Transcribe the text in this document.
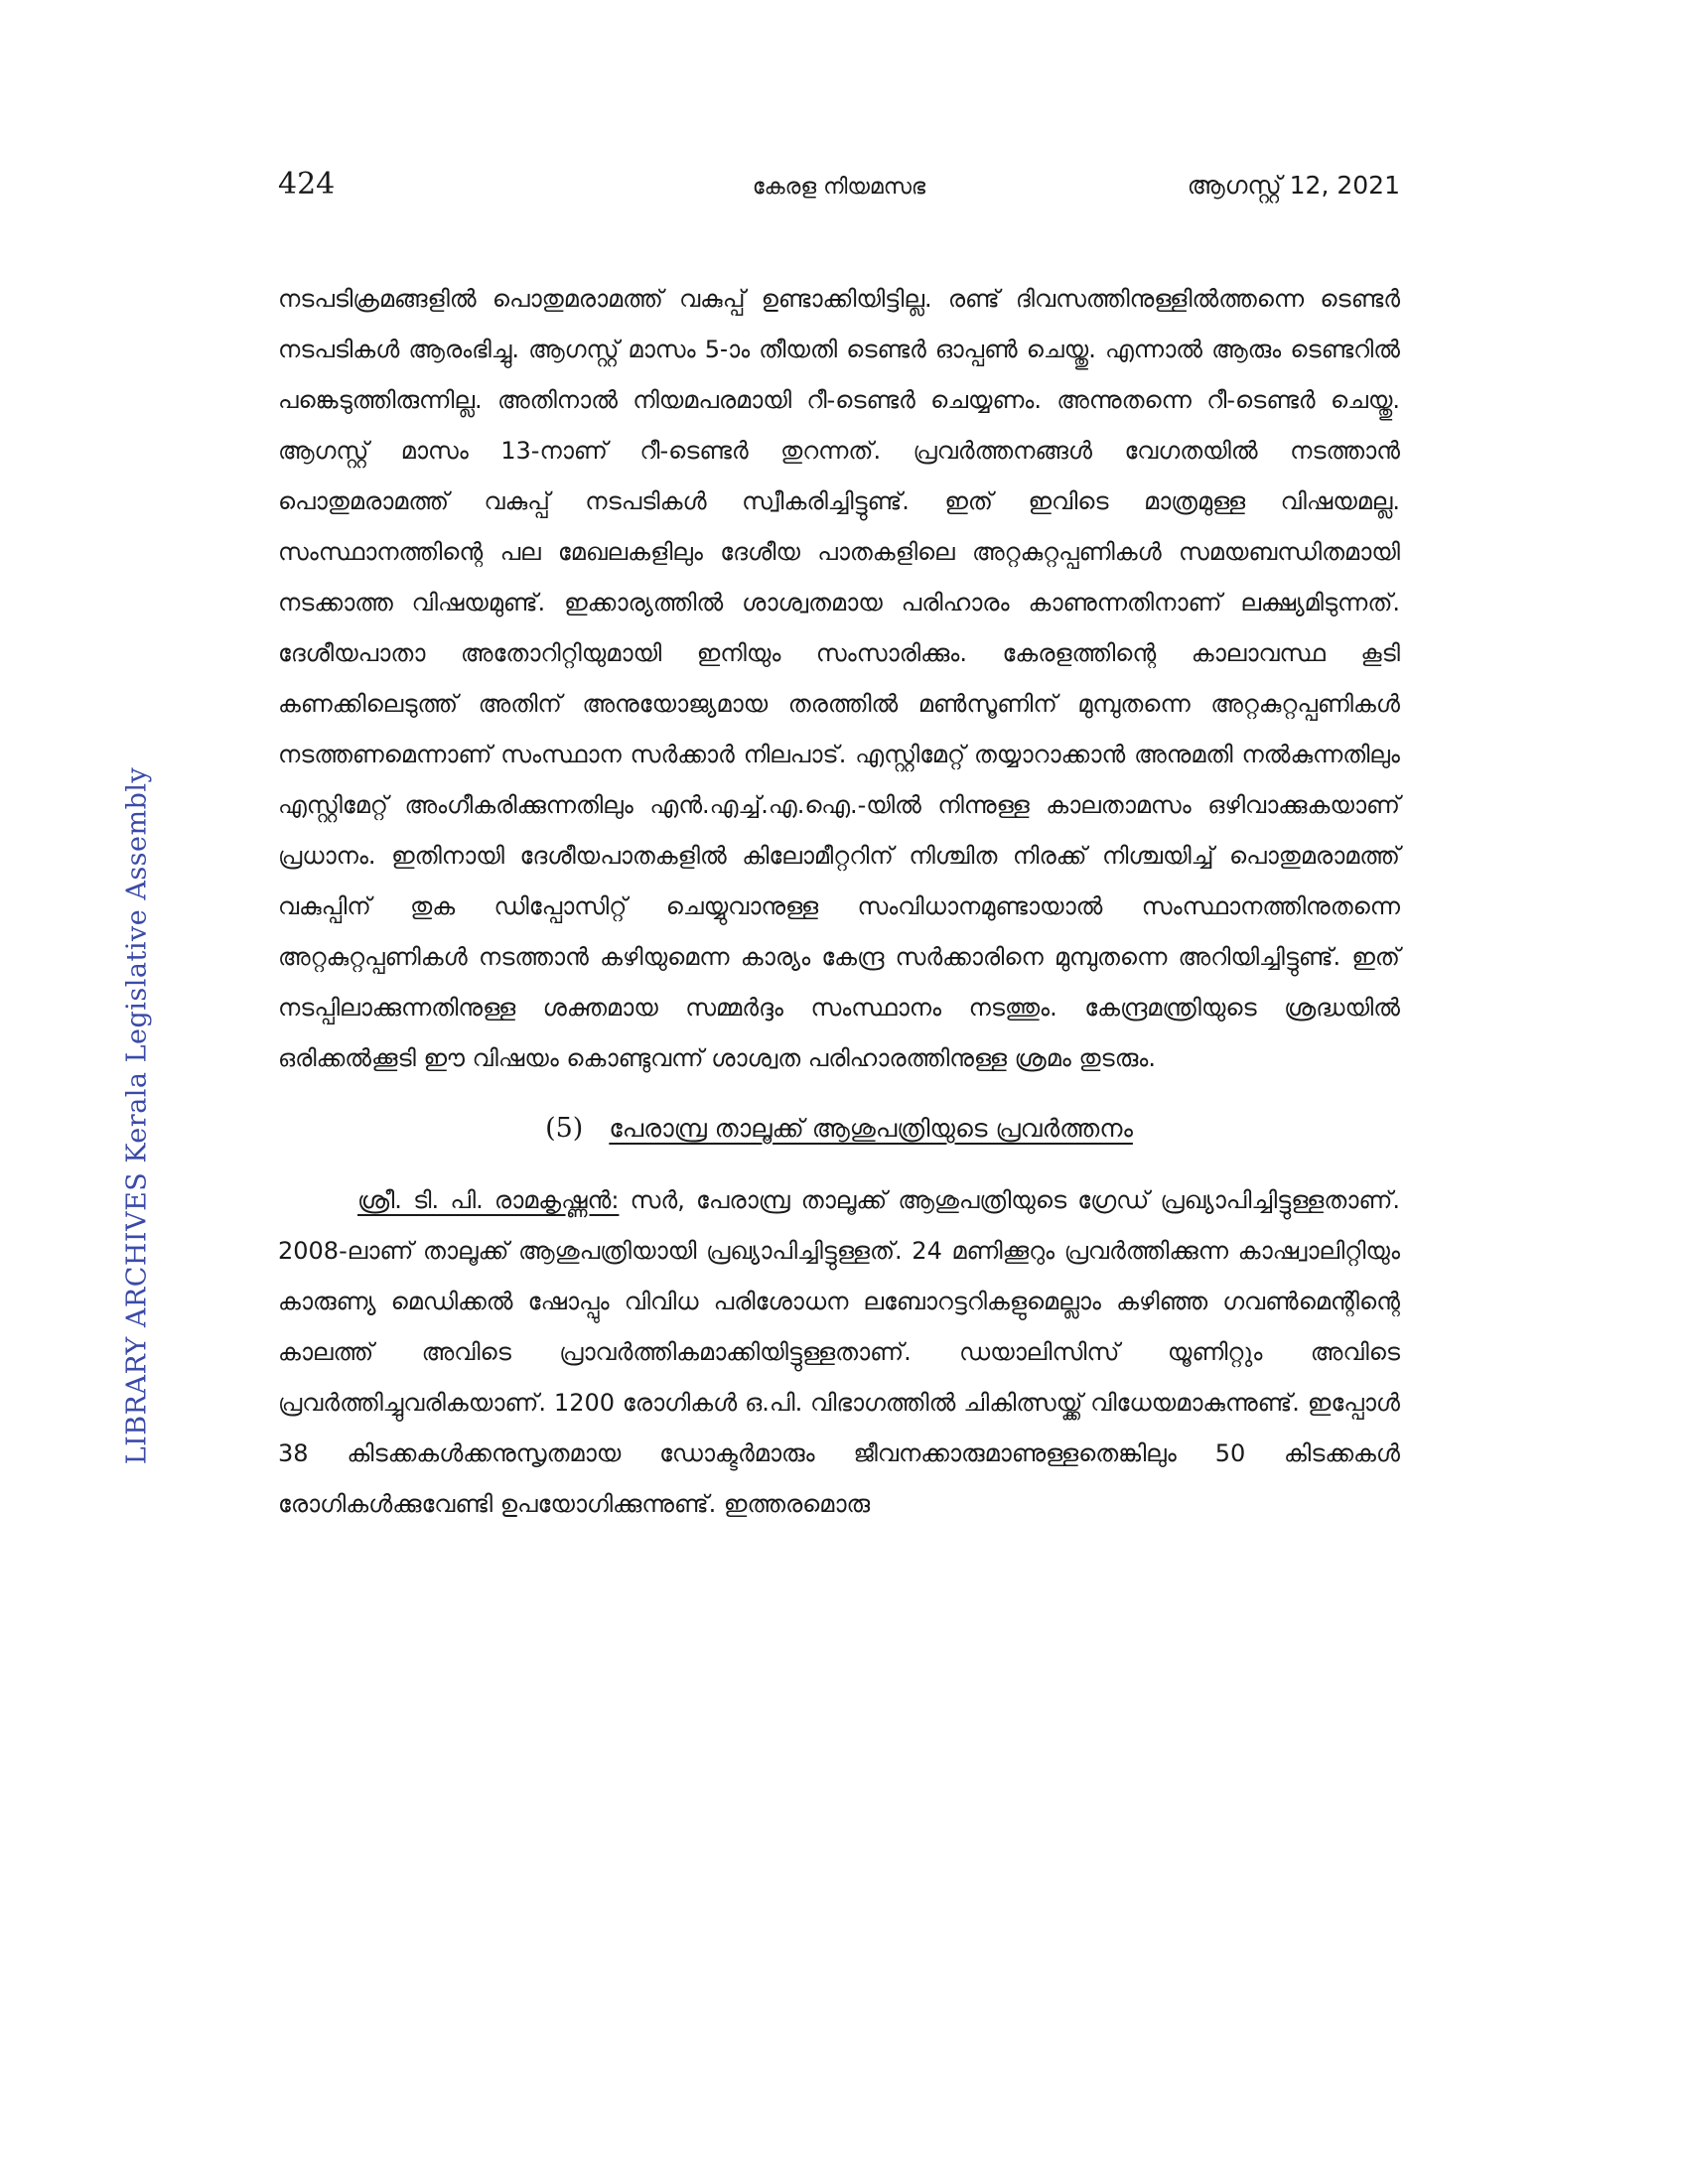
424	കേരള നിയമസഭ	ആഗസ്റ്റ് 12, 2021
LIBRARY ARCHIVES Kerala Legislative Assembly

നടപടിക്രമങ്ങളിൽ പൊതുമരാമത്ത് വകുപ്പ് ഉണ്ടാക്കിയിട്ടില്ല. രണ്ട് ദിവസത്തിനുള്ളിൽത്തന്നെ ടെണ്ടർ നടപടികൾ ആരംഭിച്ചു. ആഗസ്റ്റ് മാസം 5-ാം തീയതി ടെണ്ടർ ഓപ്പൺ ചെയ്തു. എന്നാൽ ആരും ടെണ്ടറിൽ പങ്കെടുത്തിരുന്നില്ല. അതിനാൽ നിയമപരമായി റീ-ടെണ്ടർ ചെയ്യണം. അന്നുതന്നെ റീ-ടെണ്ടർ ചെയ്തു. ആഗസ്റ്റ് മാസം 13-നാണ് റീ-ടെണ്ടർ തുറന്നത്. പ്രവർത്തനങ്ങൾ വേഗതയിൽ നടത്താൻ പൊതുമരാമത്ത് വകുപ്പ് നടപടികൾ സ്വീകരിച്ചിട്ടുണ്ട്. ഇത് ഇവിടെ മാത്രമുള്ള വിഷയമല്ല. സംസ്ഥാനത്തിന്റെ പല മേഖലകളിലും ദേശീയ പാതകളിലെ അറ്റകുറ്റപ്പണികൾ സമയബന്ധിതമായി നടക്കാത്ത വിഷയമുണ്ട്. ഇക്കാര്യത്തിൽ ശാശ്വതമായ പരിഹാരം കാണുന്നതിനാണ് ലക്ഷ്യമിടുന്നത്. ദേശീയപാതാ അതോറിറ്റിയുമായി ഇനിയും സംസാരിക്കും. കേരളത്തിന്റെ കാലാവസ്ഥ കൂടി കണക്കിലെടുത്ത് അതിന് അനുയോജ്യമായ തരത്തിൽ മൺസൂണിന് മുമ്പുതന്നെ അറ്റകുറ്റപ്പണികൾ നടത്തണമെന്നാണ് സംസ്ഥാന സർക്കാർ നിലപാട്. എസ്റ്റിമേറ്റ് തയ്യാറാക്കാൻ അനുമതി നൽകുന്നതിലും എസ്റ്റിമേറ്റ് അംഗീകരിക്കുന്നതിലും എൻ.എച്ച്.എ.ഐ.-യിൽ നിന്നുള്ള കാലതാമസം ഒഴിവാക്കുകയാണ് പ്രധാനം. ഇതിനായി ദേശീയപാതകളിൽ കിലോമീറ്ററിന് നിശ്ചിത നിരക്ക് നിശ്ചയിച്ച് പൊതുമരാമത്ത് വകുപ്പിന് തുക ഡിപ്പോസിറ്റ് ചെയ്യുവാനുള്ള സംവിധാനമുണ്ടായാൽ സംസ്ഥാനത്തിനുതന്നെ അറ്റകുറ്റപ്പണികൾ നടത്താൻ കഴിയുമെന്ന കാര്യം കേന്ദ്ര സർക്കാരിനെ മുമ്പുതന്നെ അറിയിച്ചിട്ടുണ്ട്. ഇത് നടപ്പിലാക്കുന്നതിനുള്ള ശക്തമായ സമ്മർദ്ദം സംസ്ഥാനം നടത്തും. കേന്ദ്രമന്ത്രിയുടെ ശ്രദ്ധയിൽ ഒരിക്കൽക്കൂടി ഈ വിഷയം കൊണ്ടുവന്ന് ശാശ്വത പരിഹാരത്തിനുള്ള ശ്രമം തുടരും.

(5) പേരാമ്പ്ര താലൂക്ക് ആശുപത്രിയുടെ പ്രവർത്തനം

ശ്രീ. ടി. പി. രാമകൃഷ്ണൻ: സർ, പേരാമ്പ്ര താലൂക്ക് ആശുപത്രിയുടെ ഗ്രേഡ് പ്രഖ്യാപിച്ചിട്ടുള്ളതാണ്. 2008-ലാണ് താലൂക്ക് ആശുപത്രിയായി പ്രഖ്യാപിച്ചിട്ടുള്ളത്. 24 മണിക്കൂറും പ്രവർത്തിക്കുന്ന കാഷ്വാലിറ്റിയും കാരുണ്യ മെഡിക്കൽ ഷോപ്പും വിവിധ പരിശോധന ലബോറട്ടറികളുമെല്ലാം കഴിഞ്ഞ ഗവൺമെന്റിന്റെ കാലത്ത് അവിടെ പ്രാവർത്തികമാക്കിയിട്ടുള്ളതാണ്. ഡയാലിസിസ് യൂണിറ്റും അവിടെ പ്രവർത്തിച്ചുവരികയാണ്. 1200 രോഗികൾ ഒ.പി. വിഭാഗത്തിൽ ചികിത്സയ്ക്ക് വിധേയമാകുന്നുണ്ട്. ഇപ്പോൾ 38 കിടക്കകൾക്കനുസൃതമായ ഡോക്ടർമാരും ജീവനക്കാരുമാണുള്ളതെങ്കിലും 50 കിടക്കകൾ രോഗികൾക്കുവേണ്ടി ഉപയോഗിക്കുന്നുണ്ട്. ഇത്തരമൊരു
